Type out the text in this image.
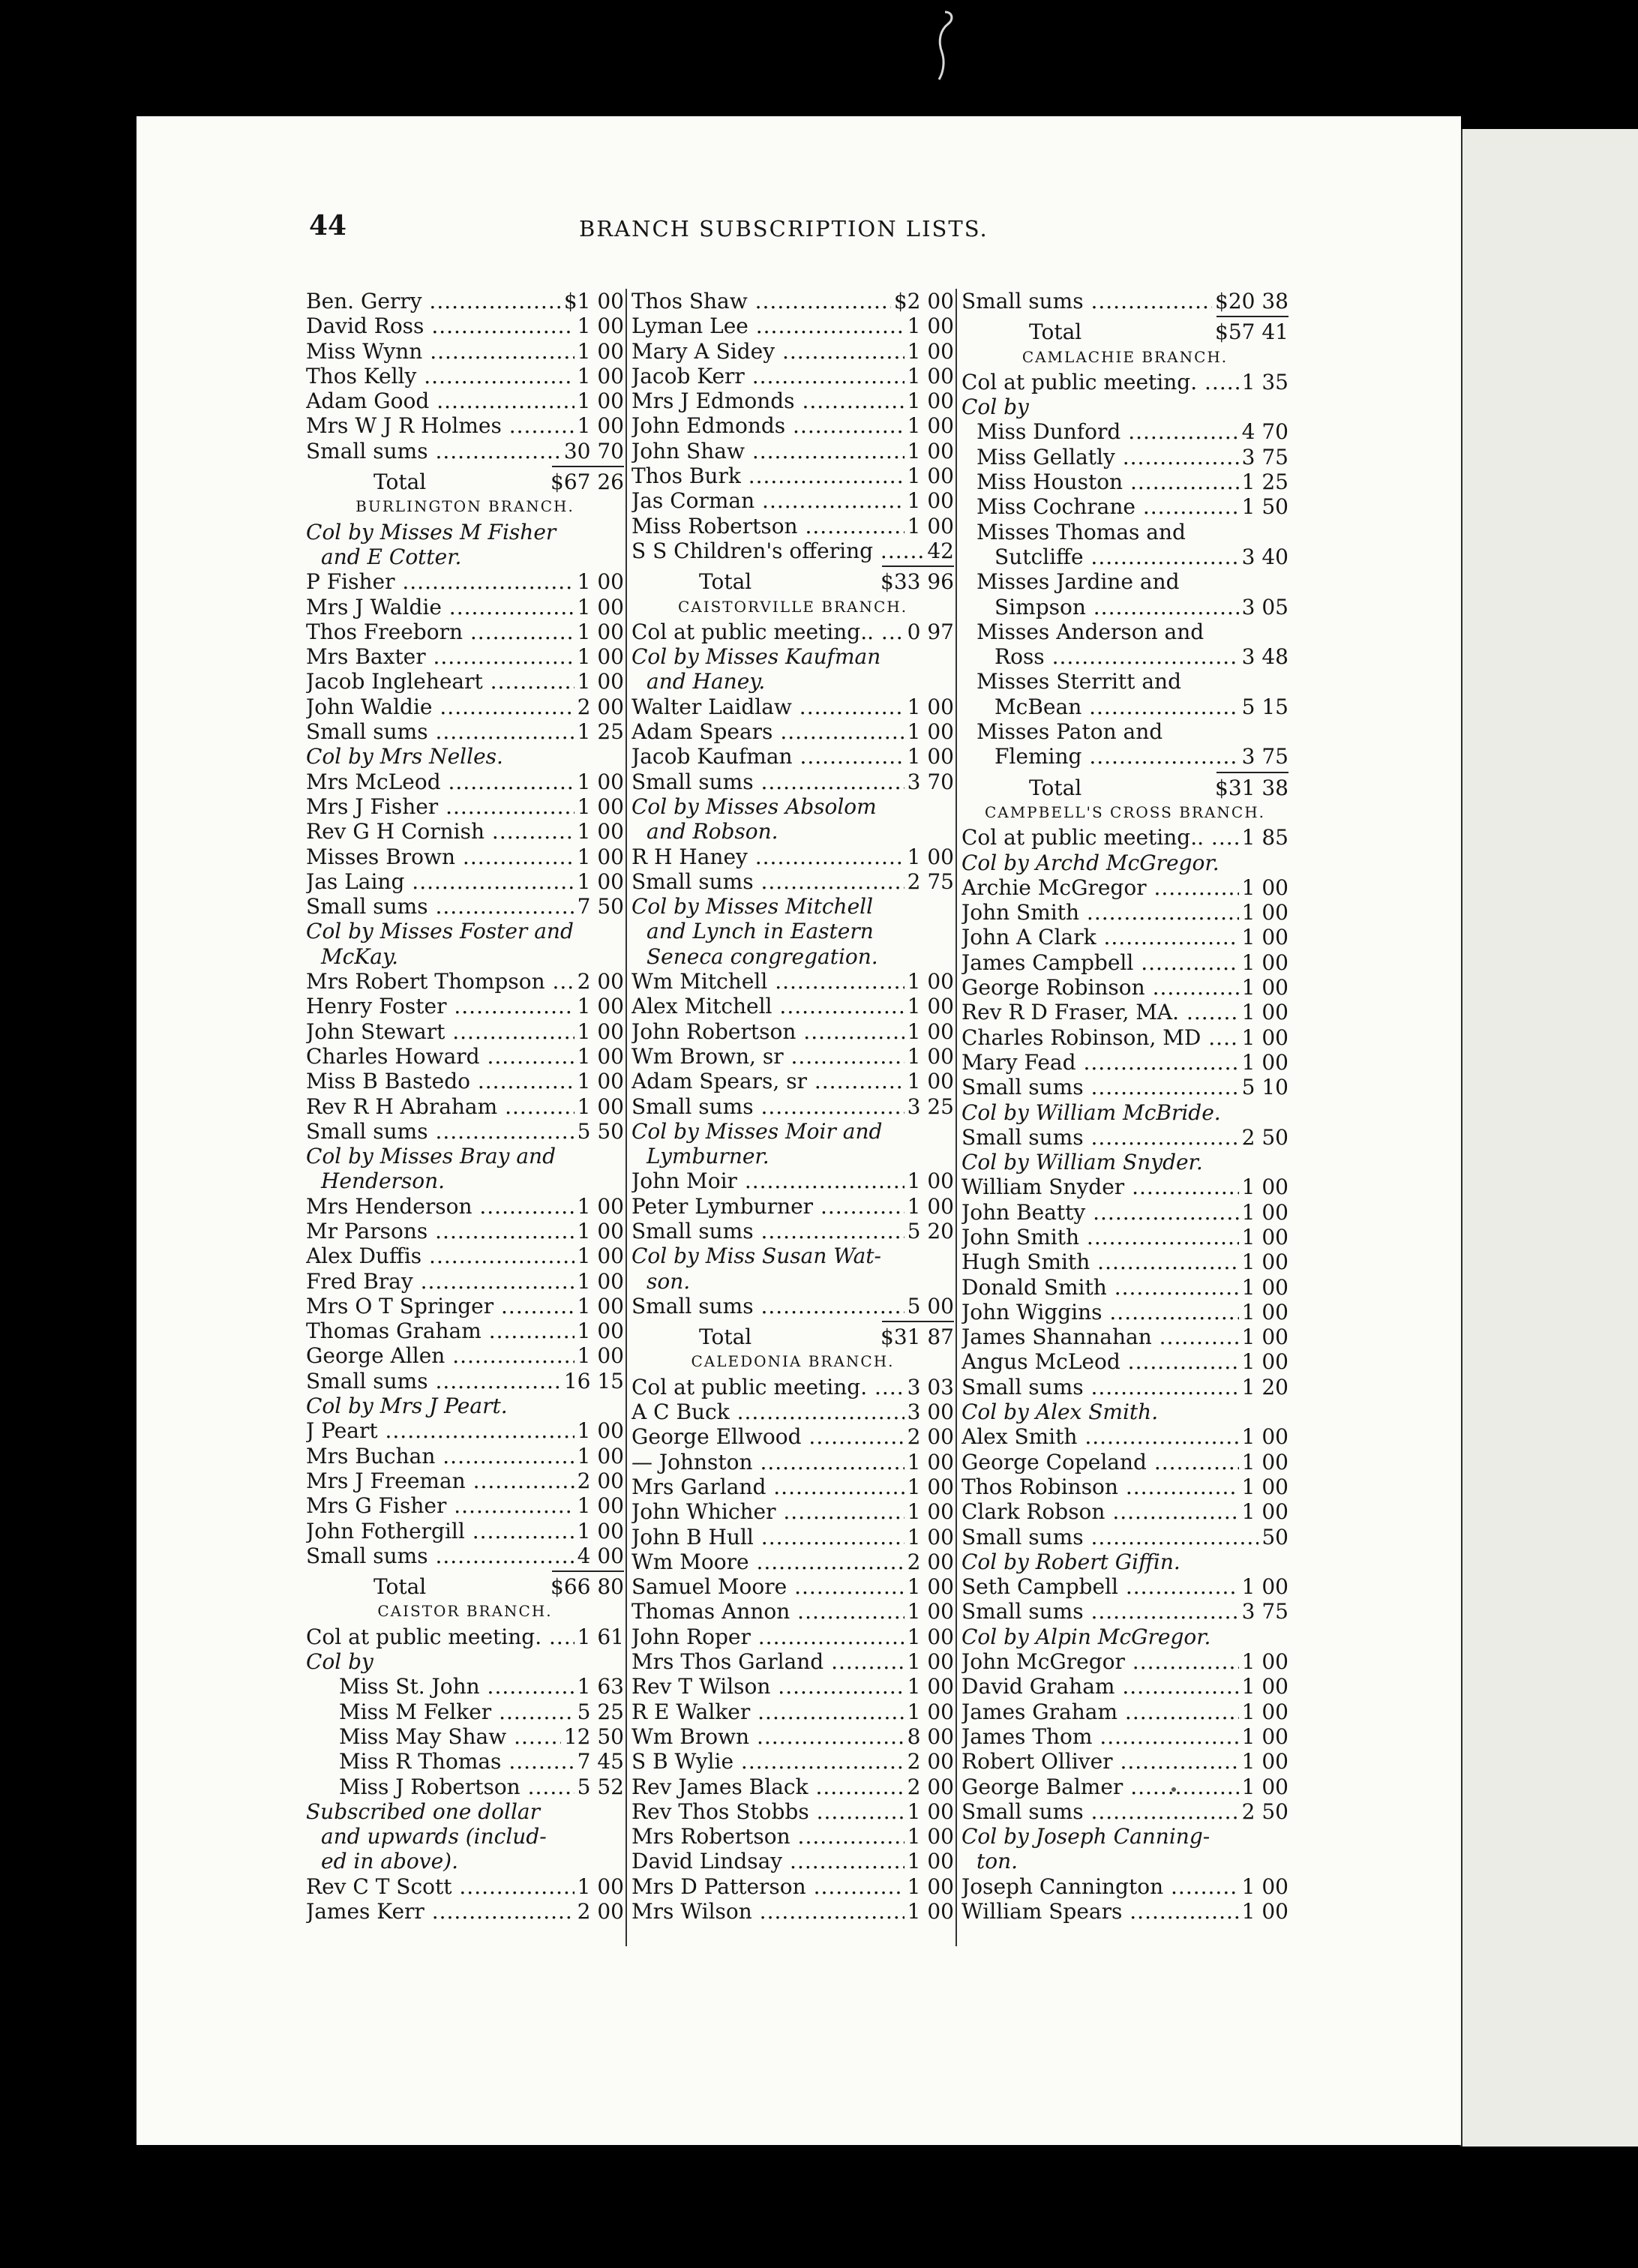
44	BRANCH SUBSCRIPTION LISTS.
Ben. Gerry .....	$1 00
David Ross .....	1 00
Miss Wynn .....	1 00
Thos Kelly .....	1 00
Adam Good .....	1 00
Mrs W J R Holmes .....	1 00
Small sums .....	30 70
Total	$67 26
BURLINGTON BRANCH.
Col by Misses M Fisher
and E Cotter.
P Fisher .....	1 00
Mrs J Waldie .....	1 00
Thos Freeborn .....	1 00
Mrs Baxter .....	1 00
Jacob Ingleheart .....	1 00
John Waldie .....	2 00
Small sums .....	1 25
Col by Mrs Nelles.
Mrs McLeod .....	1 00
Mrs J Fisher .....	1 00
Rev G H Cornish .....	1 00
Misses Brown .....	1 00
Jas Laing .....	1 00
Small sums .....	7 50
Col by Misses Foster and
McKay.
Mrs Robert Thompson ..... 2 00
Henry Foster .....	1 00
John Stewart .....	1 00
Charles Howard .....	1 00
Miss B Bastedo .....	1 00
Rev R H Abraham .....	1 00
Small sums .....	5 50
Col by Misses Bray and
Henderson.
Mrs Henderson .....	1 00
Mr Parsons .....	1 00
Alex Duffis .....	1 00
Fred Bray .....	1 00
Mrs O T Springer .....	1 00
Thomas Graham .....	1 00
George Allen .....	1 00
Small sums .....	16 15
Col by Mrs J Peart.
J Peart .....	1 00
Mrs Buchan .....	1 00
Mrs J Freeman .....	2 00
Mrs G Fisher .....	1 00
John Fothergill .....	1 00
Small sums .....	4 00
Total	$66 80
CAISTOR BRANCH.
Col at public meeting. ..... 1 61
Col by
Miss St. John .....	1 63
Miss M Felker .....	5 25
Miss May Shaw .....	12 50
Miss R Thomas .....	7 45
Miss J Robertson .....	5 52
Subscribed one dollar
and upwards (includ-
ed in above).
Rev C T Scott .....	1 00
James Kerr .....	2 00
Thos Shaw .....	$2 00
Lyman Lee .....	1 00
Mary A Sidey .....	1 00
Jacob Kerr .....	1 00
Mrs J Edmonds .....	1 00
John Edmonds .....	1 00
John Shaw .....	1 00
Thos Burk .....	1 00
Jas Corman .....	1 00
Miss Robertson .....	1 00
S S Children's offering .....	42
Total	$33 96
CAISTORVILLE BRANCH.
Col at public meeting.. ..... 0 97
Col by Misses Kaufman
and Haney.
Walter Laidlaw .....	1 00
Adam Spears .....	1 00
Jacob Kaufman .....	1 00
Small sums .....	3 70
Col by Misses Absolom
and Robson.
R H Haney .....	1 00
Small sums .....	2 75
Col by Misses Mitchell
and Lynch in Eastern
Seneca congregation.
Wm Mitchell .....	1 00
Alex Mitchell .....	1 00
John Robertson .....	1 00
Wm Brown, sr .....	1 00
Adam Spears, sr .....	1 00
Small sums .....	3 25
Col by Misses Moir and
Lymburner.
John Moir .....	1 00
Peter Lymburner .....	1 00
Small sums .....	5 20
Col by Miss Susan Wat-
son.
Small sums .....	5 00
Total	$31 87
CALEDONIA BRANCH.
Col at public meeting. ..... 3 03
A C Buck .....	3 00
George Ellwood .....	2 00
— Johnston .....	1 00
Mrs Garland .....	1 00
John Whicher .....	1 00
John B Hull .....	1 00
Wm Moore .....	2 00
Samuel Moore .....	1 00
Thomas Annon .....	1 00
John Roper .....	1 00
Mrs Thos Garland .....	1 00
Rev T Wilson .....	1 00
R E Walker .....	1 00
Wm Brown .....	8 00
S B Wylie .....	2 00
Rev James Black .....	2 00
Rev Thos Stobbs .....	1 00
Mrs Robertson .....	1 00
David Lindsay .....	1 00
Mrs D Patterson .....	1 00
Mrs Wilson .....	1 00
Small sums .....	$20 38
Total	$57 41
CAMLACHIE BRANCH.
Col at public meeting. ..... 1 35
Col by
Miss Dunford .....	4 70
Miss Gellatly .....	3 75
Miss Houston .....	1 25
Miss Cochrane .....	1 50
Misses Thomas and
Sutcliffe .....	3 40
Misses Jardine and
Simpson .....	3 05
Misses Anderson and
Ross .....	3 48
Misses Sterritt and
McBean .....	5 15
Misses Paton and
Fleming .....	3 75
Total	$31 38
CAMPBELL'S CROSS BRANCH.
Col at public meeting.. ..... 1 85
Col by Archd McGregor.
Archie McGregor .....	1 00
John Smith .....	1 00
John A Clark .....	1 00
James Campbell .....	1 00
George Robinson .....	1 00
Rev R D Fraser, MA. .....	1 00
Charles Robinson, MD ..... 1 00
Mary Fead .....	1 00
Small sums .....	5 10
Col by William McBride.
Small sums .....	2 50
Col by William Snyder.
William Snyder .....	1 00
John Beatty .....	1 00
John Smith .....	1 00
Hugh Smith .....	1 00
Donald Smith .....	1 00
John Wiggins .....	1 00
James Shannahan .....	1 00
Angus McLeod .....	1 00
Small sums .....	1 20
Col by Alex Smith.
Alex Smith .....	1 00
George Copeland .....	1 00
Thos Robinson .....	1 00
Clark Robson .....	1 00
Small sums .....	50
Col by Robert Giffin.
Seth Campbell .....	1 00
Small sums .....	3 75
Col by Alpin McGregor.
John McGregor .....	1 00
David Graham .....	1 00
James Graham .....	1 00
James Thom .....	1 00
Robert Olliver .....	1 00
George Balmer .....	1 00
Small sums .....	2 50
Col by Joseph Canning-
ton.
Joseph Cannington .....	1 00
William Spears .....	1 00
